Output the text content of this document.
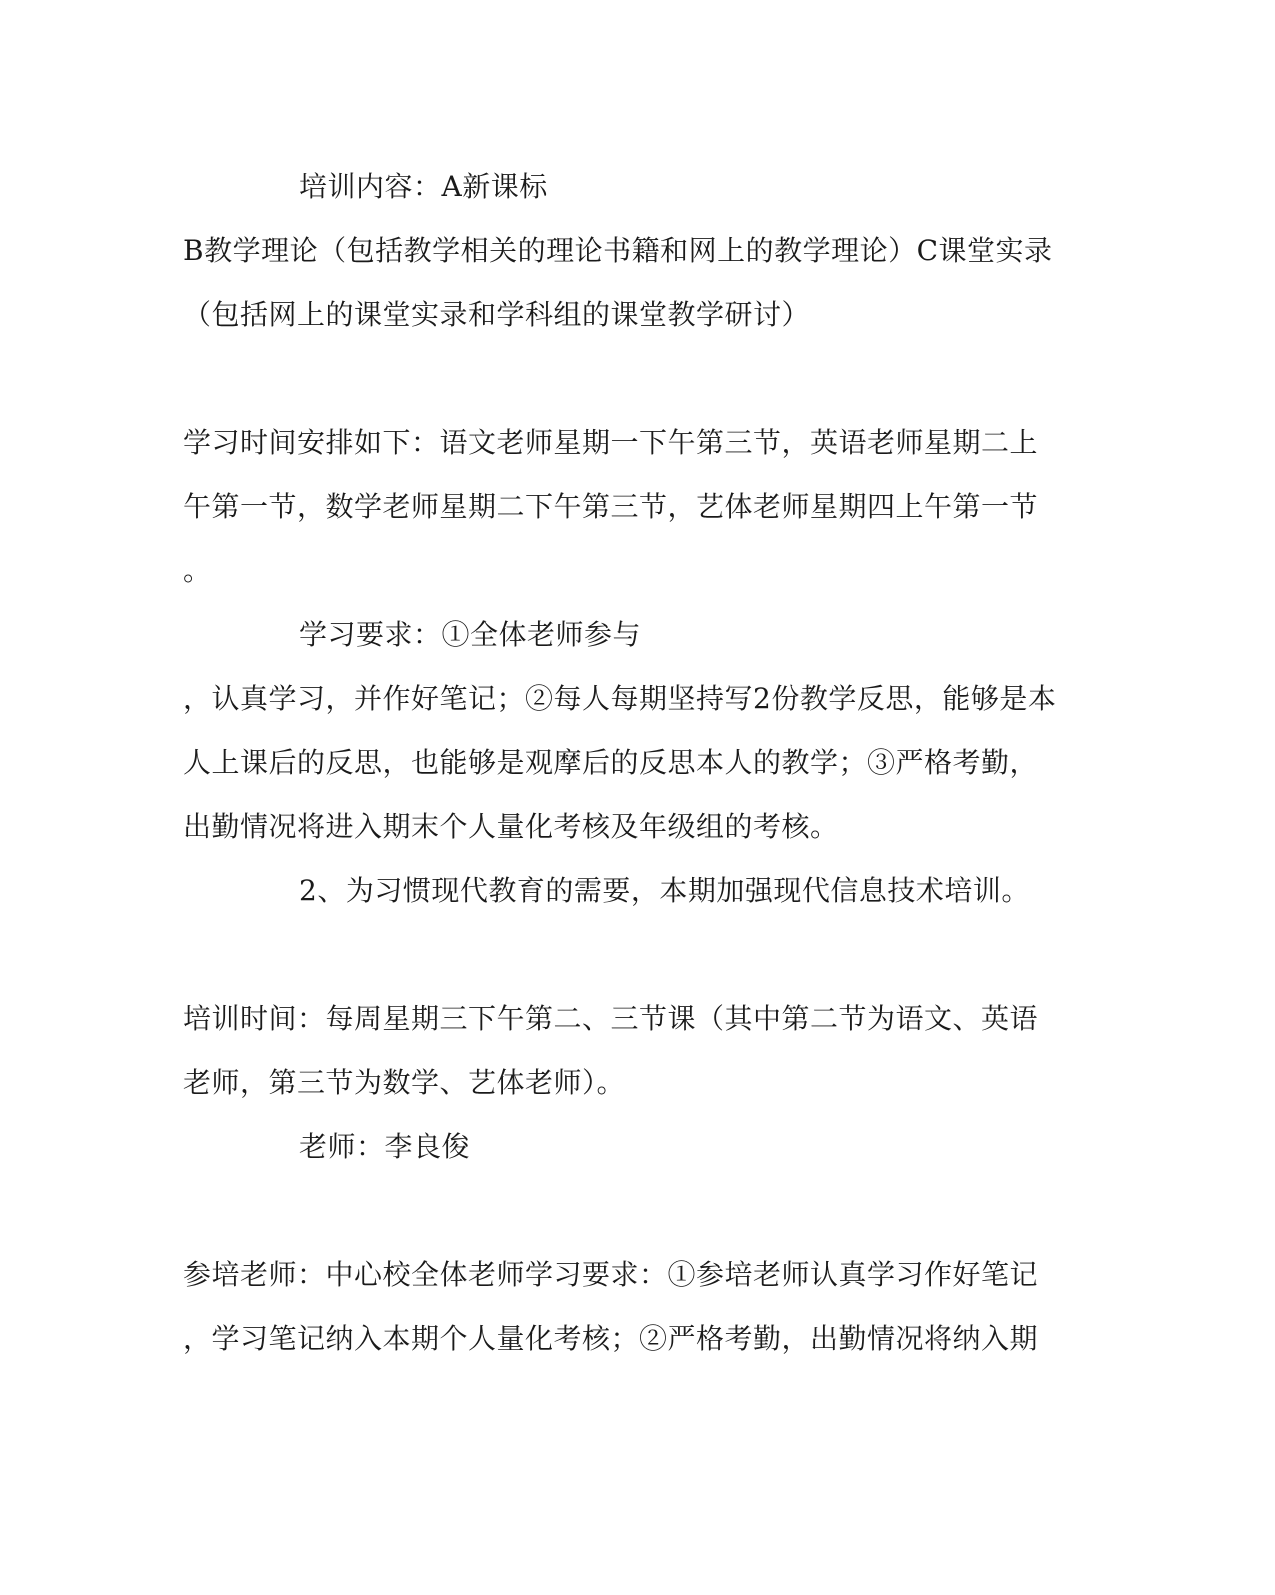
培训内容：A新课标
B教学理论（包括教学相关的理论书籍和网上的教学理论）C课堂实录
（包括网上的课堂实录和学科组的课堂教学研讨）
学习时间安排如下：语文老师星期一下午第三节，英语老师星期二上
午第一节，数学老师星期二下午第三节，艺体老师星期四上午第一节
。
学习要求：①全体老师参与
，认真学习，并作好笔记；②每人每期坚持写2份教学反思，能够是本
人上课后的反思，也能够是观摩后的反思本人的教学；③严格考勤，
出勤情况将进入期末个人量化考核及年级组的考核。
2、为习惯现代教育的需要，本期加强现代信息技术培训。
培训时间：每周星期三下午第二、三节课（其中第二节为语文、英语
老师，第三节为数学、艺体老师）。
老师：李良俊
参培老师：中心校全体老师学习要求：①参培老师认真学习作好笔记
，学习笔记纳入本期个人量化考核；②严格考勤，出勤情况将纳入期
